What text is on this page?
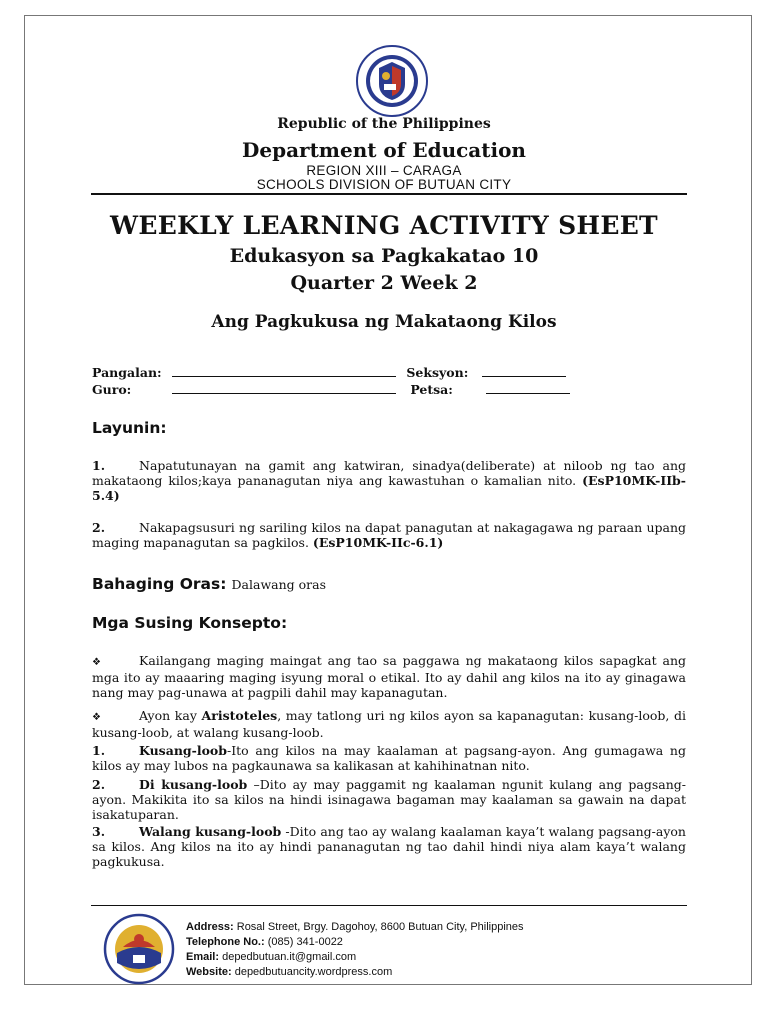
Republic of the Philippines
Department of Education
REGION XIII – CARAGA
SCHOOLS DIVISION OF BUTUAN CITY
WEEKLY LEARNING ACTIVITY SHEET
Edukasyon sa Pagkakatao 10
Quarter 2 Week 2
Ang Pagkukusa ng Makataong Kilos
Pangalan:	Seksyon:
Guro:	Petsa:
Layunin:
1.	Napatutunayan na gamit ang katwiran, sinadya(deliberate) at niloob ng tao ang makataong kilos;kaya pananagutan niya ang kawastuhan o kamalian nito. (EsP10MK-IIb-5.4)
2.	Nakapagsusuri ng sariling kilos na dapat panagutan at nakagagawa ng paraan upang maging mapanagutan sa pagkilos. (EsP10MK-IIc-6.1)
Bahaging Oras: Dalawang oras
Mga Susing Konsepto:
❖	Kailangang maging maingat ang tao sa paggawa ng makataong kilos sapagkat ang mga ito ay maaaring maging isyung moral o etikal. Ito ay dahil ang kilos na ito ay ginagawa nang may pag-unawa at pagpili dahil may kapanagutan.
❖	Ayon kay Aristoteles, may tatlong uri ng kilos ayon sa kapanagutan: kusang-loob, di kusang-loob, at walang kusang-loob.
1.	Kusang-loob-Ito ang kilos na may kaalaman at pagsang-ayon. Ang gumagawa ng kilos ay may lubos na pagkaunawa sa kalikasan at kahihinatnan nito.
2.	Di kusang-loob –Dito ay may paggamit ng kaalaman ngunit kulang ang pagsang-ayon. Makikita ito sa kilos na hindi isinagawa bagaman may kaalaman sa gawain na dapat isakatuparan.
3.	Walang kusang-loob -Dito ang tao ay walang kaalaman kaya’t walang pagsang-ayon sa kilos. Ang kilos na ito ay hindi pananagutan ng tao dahil hindi niya alam kaya’t walang pagkukusa.
Address: Rosal Street, Brgy. Dagohoy, 8600 Butuan City, Philippines
Telephone No.: (085) 341-0022
Email: depedbutuan.it@gmail.com
Website: depedbutuancity.wordpress.com
